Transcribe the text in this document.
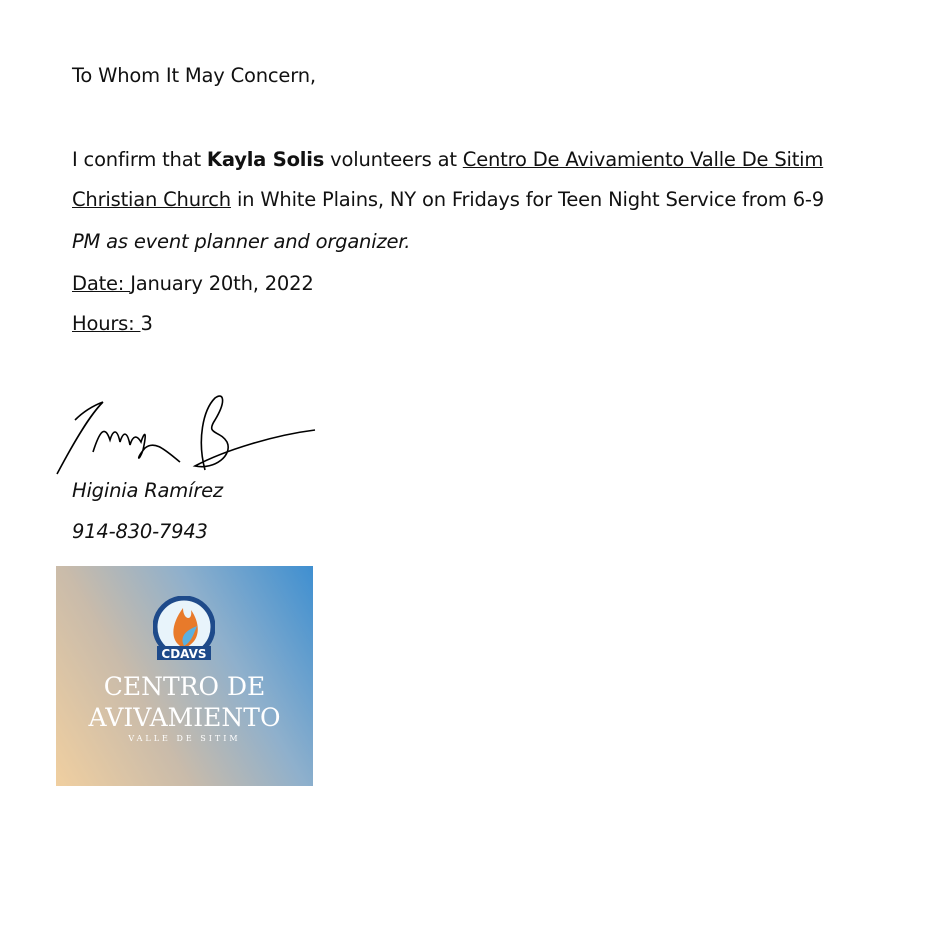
To Whom It May Concern,
I confirm that Kayla Solis volunteers at Centro De Avivamiento Valle De Sitim
Christian Church in White Plains, NY on Fridays for Teen Night Service from 6-9
PM as event planner and organizer.
Date: January 20th, 2022
Hours: 3
Higinia Ramírez
914-830-7943
CDAVS
CENTRO DE
AVIVAMIENTO
VALLE DE SITIM
